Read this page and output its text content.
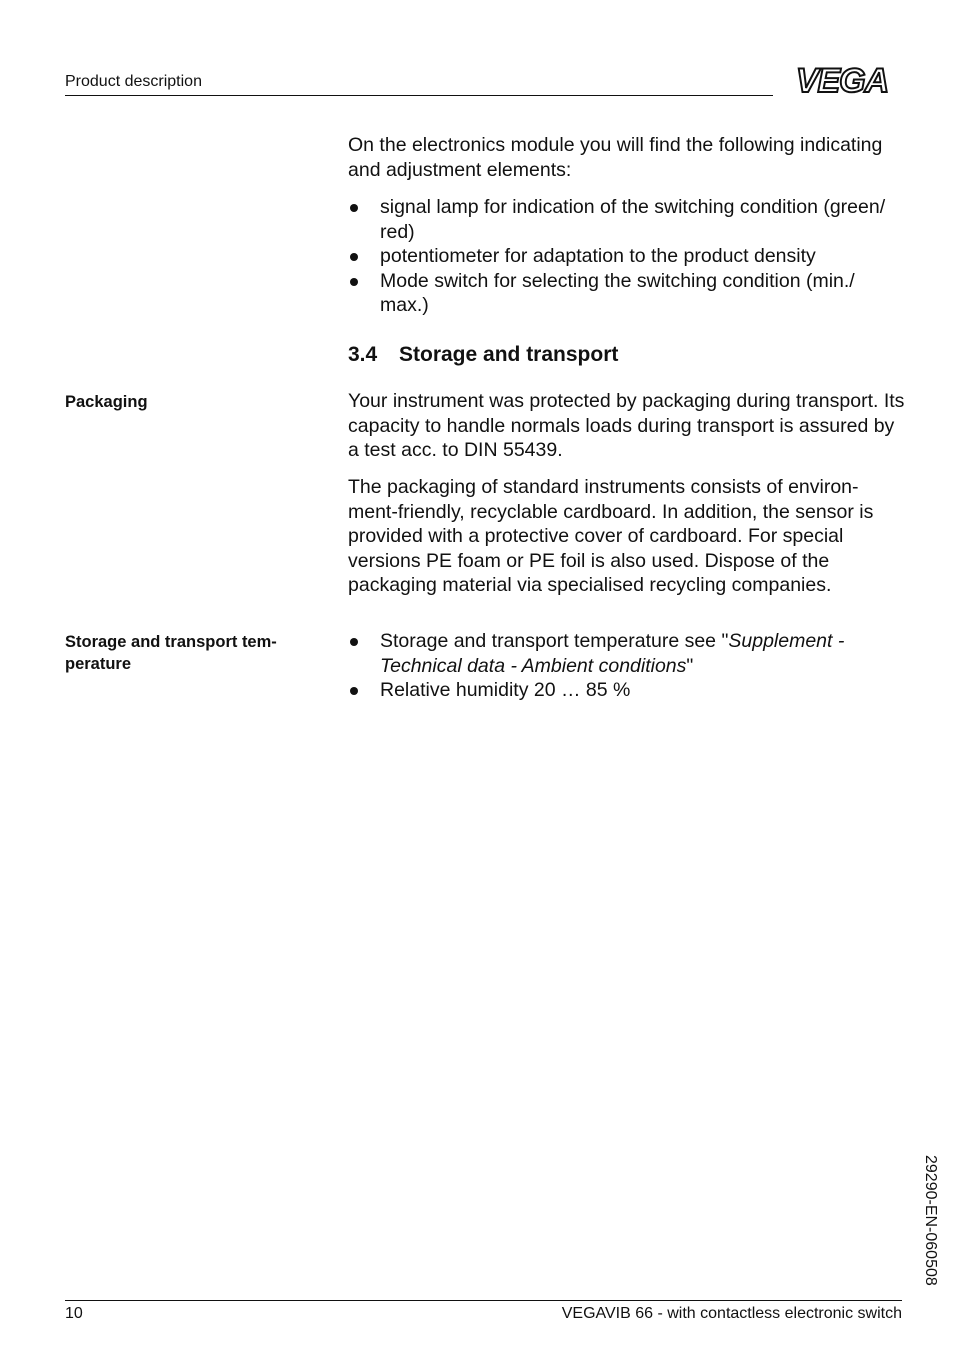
Product description	VEGA

On the electronics module you will find the following indicating and adjustment elements:

signal lamp for indication of the switching condition (green/ red)
potentiometer for adaptation to the product density
Mode switch for selecting the switching condition (min./ max.)
3.4 Storage and transport
Packaging	Your instrument was protected by packaging during transport. Its capacity to handle normals loads during transport is assured by a test acc. to DIN 55439.

The packaging of standard instruments consists of environ- ment-friendly, recyclable cardboard. In addition, the sensor is provided with a protective cover of cardboard. For special versions PE foam or PE foil is also used. Dispose of the packaging material via specialised recycling companies.

Storage and transport tem- perature
Storage and transport temperature see "Supplement - Technical data - Ambient conditions"
Relative humidity 20 … 85 %
29290-EN-060508
10	VEGAVIB 66 - with contactless electronic switch
